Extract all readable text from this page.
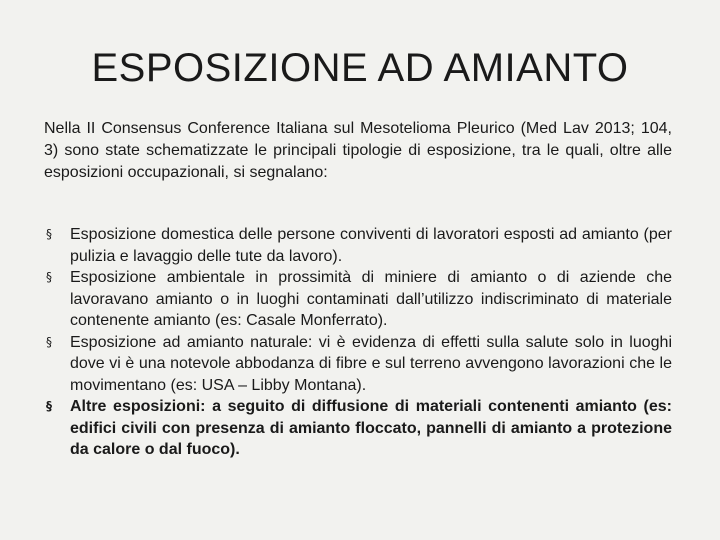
ESPOSIZIONE AD AMIANTO

Nella II Consensus Conference Italiana sul Mesotelioma Pleurico (Med Lav 2013; 104, 3) sono state schematizzate le principali tipologie di esposizione, tra le quali, oltre alle esposizioni occupazionali, si segnalano:

§ Esposizione domestica delle persone conviventi di lavoratori esposti ad amianto (per pulizia e lavaggio delle tute da lavoro).
§ Esposizione ambientale in prossimità di miniere di amianto o di aziende che lavoravano amianto o in luoghi contaminati dall’utilizzo indiscriminato di materiale contenente amianto (es: Casale Monferrato).
§ Esposizione ad amianto naturale: vi è evidenza di effetti sulla salute solo in luoghi dove vi è una notevole abbodanza di fibre e sul terreno avvengono lavorazioni che le movimentano (es: USA – Libby Montana).
§ Altre esposizioni: a seguito di diffusione di materiali contenenti amianto (es: edifici civili con presenza di amianto floccato, pannelli di amianto a protezione da calore o dal fuoco).
